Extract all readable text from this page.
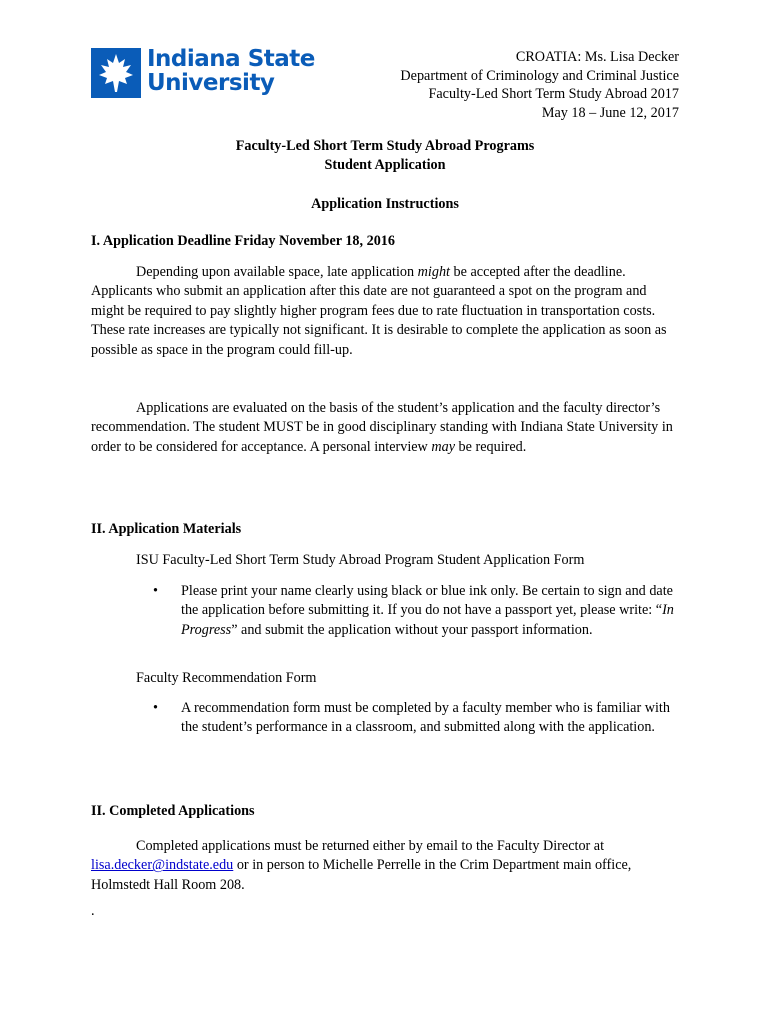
Indiana State
University
CROATIA: Ms. Lisa Decker
Department of Criminology and Criminal Justice
Faculty-Led Short Term Study Abroad 2017
May 18 – June 12, 2017
Faculty-Led Short Term Study Abroad Programs
Student Application
Application Instructions
I. Application Deadline Friday November 18, 2016
Depending upon available space, late application might be accepted after the deadline. Applicants who submit an application after this date are not guaranteed a spot on the program and might be required to pay slightly higher program fees due to rate fluctuation in transportation costs. These rate increases are typically not significant. It is desirable to complete the application as soon as possible as space in the program could fill-up.
Applications are evaluated on the basis of the student’s application and the faculty director’s recommendation. The student MUST be in good disciplinary standing with Indiana State University in order to be considered for acceptance. A personal interview may be required.
II. Application Materials
ISU Faculty-Led Short Term Study Abroad Program Student Application Form
• Please print your name clearly using black or blue ink only. Be certain to sign and date the application before submitting it. If you do not have a passport yet, please write: “In Progress” and submit the application without your passport information.
Faculty Recommendation Form
• A recommendation form must be completed by a faculty member who is familiar with the student’s performance in a classroom, and submitted along with the application.
II. Completed Applications
Completed applications must be returned either by email to the Faculty Director at lisa.decker@indstate.edu or in person to Michelle Perrelle in the Crim Department main office, Holmstedt Hall Room 208.
.
